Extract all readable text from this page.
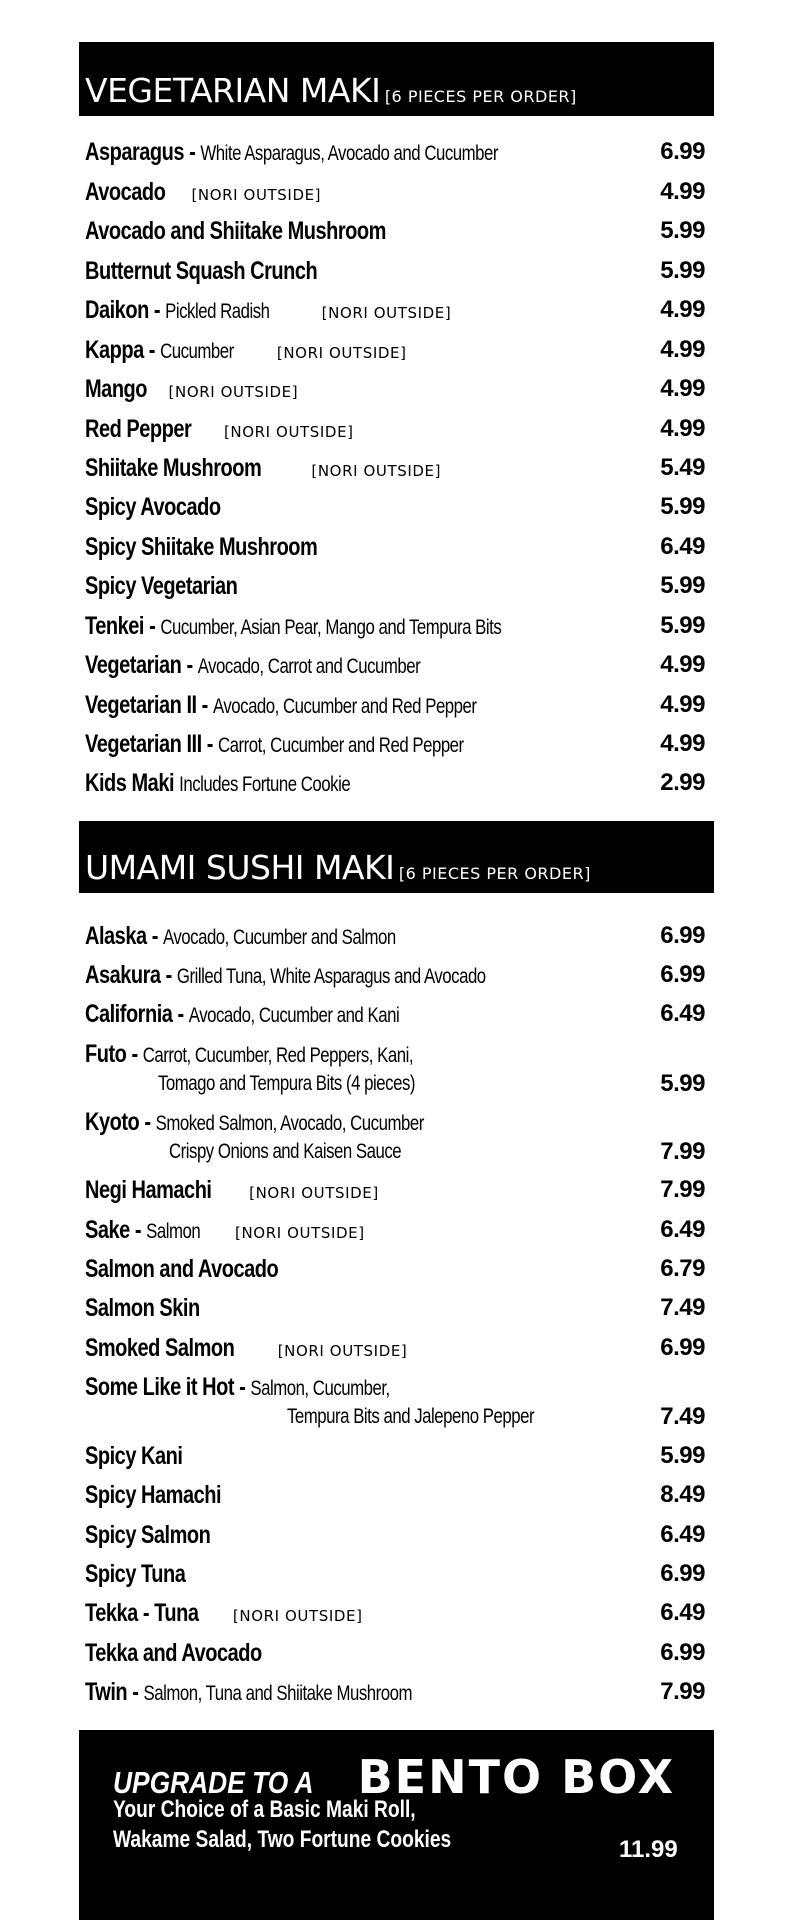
VEGETARIAN MAKI [6 PIECES PER ORDER]
Asparagus - White Asparagus, Avocado and Cucumber	6.99
Avocado [NORI OUTSIDE]	4.99
Avocado and Shiitake Mushroom	5.99
Butternut Squash Crunch	5.99
Daikon - Pickled Radish	[NORI OUTSIDE]	4.99
Kappa - Cucumber	[NORI OUTSIDE]	4.99
Mango [NORI OUTSIDE]	4.99
Red Pepper [NORI OUTSIDE]	4.99
Shiitake Mushroom	[NORI OUTSIDE]	5.49
Spicy Avocado	5.99
Spicy Shiitake Mushroom	6.49
Spicy Vegetarian	5.99
Tenkei - Cucumber, Asian Pear, Mango and Tempura Bits	5.99
Vegetarian - Avocado, Carrot and Cucumber	4.99
Vegetarian II - Avocado, Cucumber and Red Pepper	4.99
Vegetarian III - Carrot, Cucumber and Red Pepper	4.99
Kids Maki Includes Fortune Cookie	2.99
UMAMI SUSHI MAKI [6 PIECES PER ORDER]
Alaska - Avocado, Cucumber and Salmon	6.99
Asakura - Grilled Tuna, White Asparagus and Avocado	6.99
California - Avocado, Cucumber and Kani	6.49
Futo - Carrot, Cucumber, Red Peppers, Kani,
Tomago and Tempura Bits (4 pieces)	5.99
Kyoto - Smoked Salmon, Avocado, Cucumber
Crispy Onions and Kaisen Sauce	7.99
Negi Hamachi	[NORI OUTSIDE]	7.99
Sake - Salmon [NORI OUTSIDE]	6.49
Salmon and Avocado	6.79
Salmon Skin	7.49
Smoked Salmon	[NORI OUTSIDE]	6.99
Some Like it Hot - Salmon, Cucumber,
Tempura Bits and Jalepeno Pepper	7.49
Spicy Kani	5.99
Spicy Hamachi	8.49
Spicy Salmon	6.49
Spicy Tuna	6.99
Tekka - Tuna [NORI OUTSIDE]	6.49
Tekka and Avocado	6.99
Twin - Salmon, Tuna and Shiitake Mushroom	7.99
UPGRADE TO A BENTO BOX
Your Choice of a Basic Maki Roll,
Wakame Salad, Two Fortune Cookies	11.99
